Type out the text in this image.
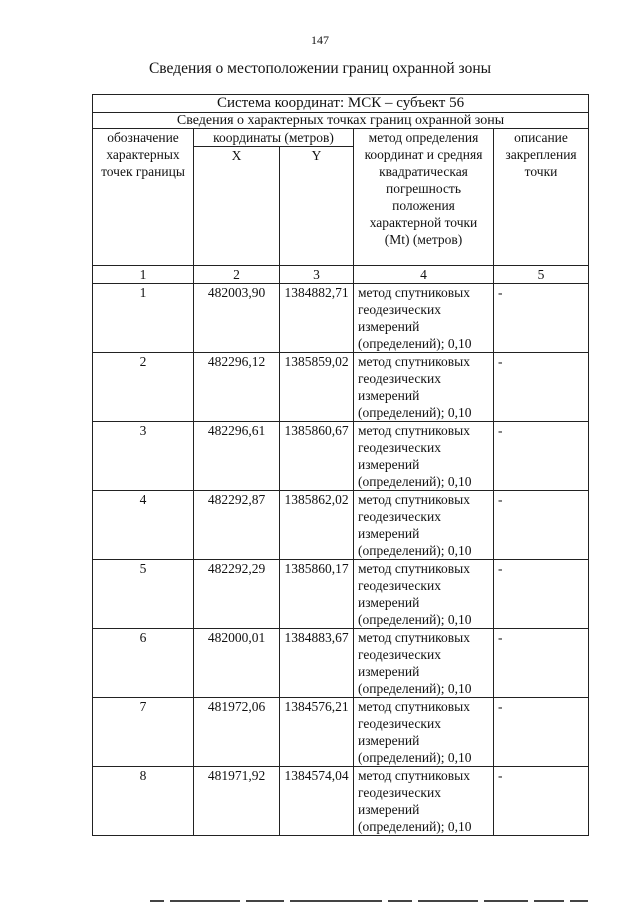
147
Сведения о местоположении границ охранной зоны
Система координат: МСК – субъект 56				
Сведения о характерных точках границ охранной зоны				
обозначение характерных точек границы	координаты (метров)		метод определения координат и средняя квадратическая погрешность положения характерной точки (Mt) (метров)	описание закрепления точки
	X	Y		
1	2	3	4	5
1	482003,90	1384882,71	метод спутниковых геодезических измерений (определений); 0,10	-
2	482296,12	1385859,02	метод спутниковых геодезических измерений (определений); 0,10	-
3	482296,61	1385860,67	метод спутниковых геодезических измерений (определений); 0,10	-
4	482292,87	1385862,02	метод спутниковых геодезических измерений (определений); 0,10	-
5	482292,29	1385860,17	метод спутниковых геодезических измерений (определений); 0,10	-
6	482000,01	1384883,67	метод спутниковых геодезических измерений (определений); 0,10	-
7	481972,06	1384576,21	метод спутниковых геодезических измерений (определений); 0,10	-
8	481971,92	1384574,04	метод спутниковых геодезических измерений (определений); 0,10	-
